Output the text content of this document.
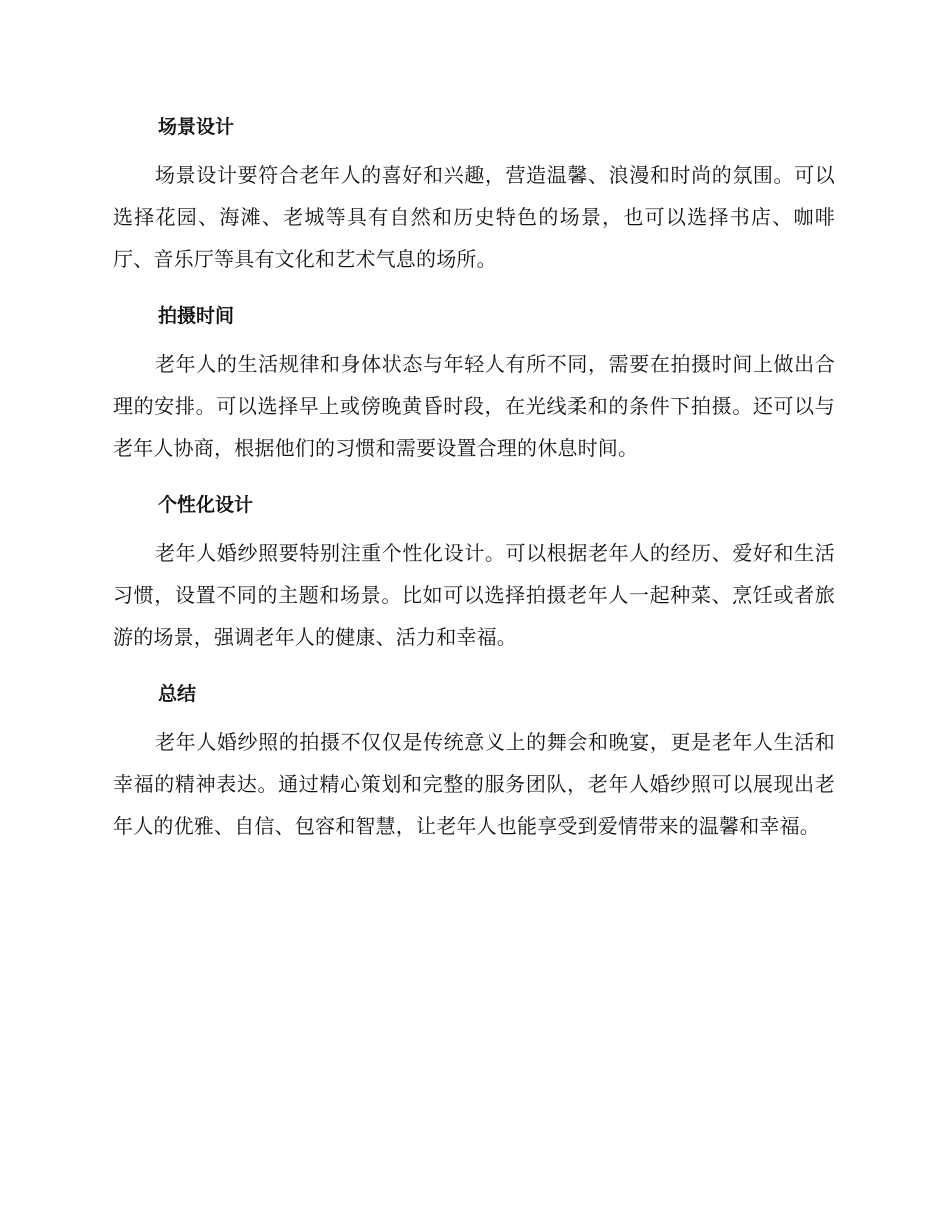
场景设计

场景设计要符合老年人的喜好和兴趣，营造温馨、浪漫和时尚的氛围。可以选择花园、海滩、老城等具有自然和历史特色的场景，也可以选择书店、咖啡厅、音乐厅等具有文化和艺术气息的场所。

拍摄时间

老年人的生活规律和身体状态与年轻人有所不同，需要在拍摄时间上做出合理的安排。可以选择早上或傍晚黄昏时段，在光线柔和的条件下拍摄。还可以与老年人协商，根据他们的习惯和需要设置合理的休息时间。

个性化设计

老年人婚纱照要特别注重个性化设计。可以根据老年人的经历、爱好和生活习惯，设置不同的主题和场景。比如可以选择拍摄老年人一起种菜、烹饪或者旅游的场景，强调老年人的健康、活力和幸福。

总结

老年人婚纱照的拍摄不仅仅是传统意义上的舞会和晚宴，更是老年人生活和幸福的精神表达。通过精心策划和完整的服务团队，老年人婚纱照可以展现出老年人的优雅、自信、包容和智慧，让老年人也能享受到爱情带来的温馨和幸福。
